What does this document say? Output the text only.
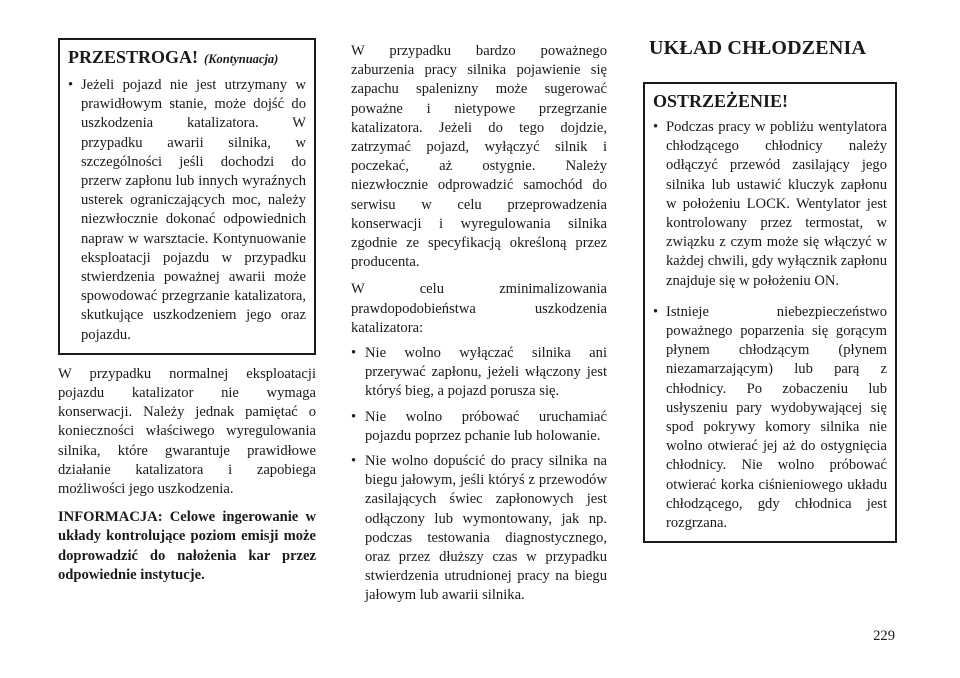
PRZESTROGA! (Kontynuacja)
• Jeżeli pojazd nie jest utrzymany w prawidłowym stanie, może dojść do uszkodzenia katalizatora. W przypadku awarii silnika, w szczególności jeśli dochodzi do przerw zapłonu lub innych wyraźnych usterek ograniczających moc, należy niezwłocznie dokonać odpowiednich napraw w warsztacie. Kontynuowanie eksploatacji pojazdu w przypadku stwierdzenia poważnej awarii może spowodować przegrzanie katalizatora, skutkujące uszkodzeniem jego oraz pojazdu.

W przypadku normalnej eksploatacji pojazdu katalizator nie wymaga konserwacji. Należy jednak pamiętać o konieczności właściwego wyregulowania silnika, które gwarantuje prawidłowe działanie katalizatora i zapobiega możliwości jego uszkodzenia.

INFORMACJA: Celowe ingerowanie w układy kontrolujące poziom emisji może doprowadzić do nałożenia kar przez odpowiednie instytucje.

W przypadku bardzo poważnego zaburzenia pracy silnika pojawienie się zapachu spalenizny może sugerować poważne i nietypowe przegrzanie katalizatora. Jeżeli do tego dojdzie, zatrzymać pojazd, wyłączyć silnik i poczekać, aż ostygnie. Należy niezwłocznie odprowadzić samochód do serwisu w celu przeprowadzenia konserwacji i wyregulowania silnika zgodnie ze specyfikacją określoną przez producenta.

W celu zminimalizowania prawdopodobieństwa uszkodzenia katalizatora:

• Nie wolno wyłączać silnika ani przerywać zapłonu, jeżeli włączony jest któryś bieg, a pojazd porusza się.
• Nie wolno próbować uruchamiać pojazdu poprzez pchanie lub holowanie.
• Nie wolno dopuścić do pracy silnika na biegu jałowym, jeśli któryś z przewodów zasilających świec zapłonowych jest odłączony lub wymontowany, jak np. podczas testowania diagnostycznego, oraz przez dłuższy czas w przypadku stwierdzenia utrudnionej pracy na biegu jałowym lub awarii silnika.
UKŁAD CHŁODZENIA
OSTRZEŻENIE!
• Podczas pracy w pobliżu wentylatora chłodzącego chłodnicy należy odłączyć przewód zasilający jego silnika lub ustawić kluczyk zapłonu w położeniu LOCK. Wentylator jest kontrolowany przez termostat, w związku z czym może się włączyć w każdej chwili, gdy wyłącznik zapłonu znajduje się w położeniu ON.
• Istnieje niebezpieczeństwo poważnego poparzenia się gorącym płynem chłodzącym (płynem niezamarzającym) lub parą z chłodnicy. Po zobaczeniu lub usłyszeniu pary wydobywającej się spod pokrywy komory silnika nie wolno otwierać jej aż do ostygnięcia chłodnicy. Nie wolno próbować otwierać korka ciśnieniowego układu chłodzącego, gdy chłodnica jest rozgrzana.
229
